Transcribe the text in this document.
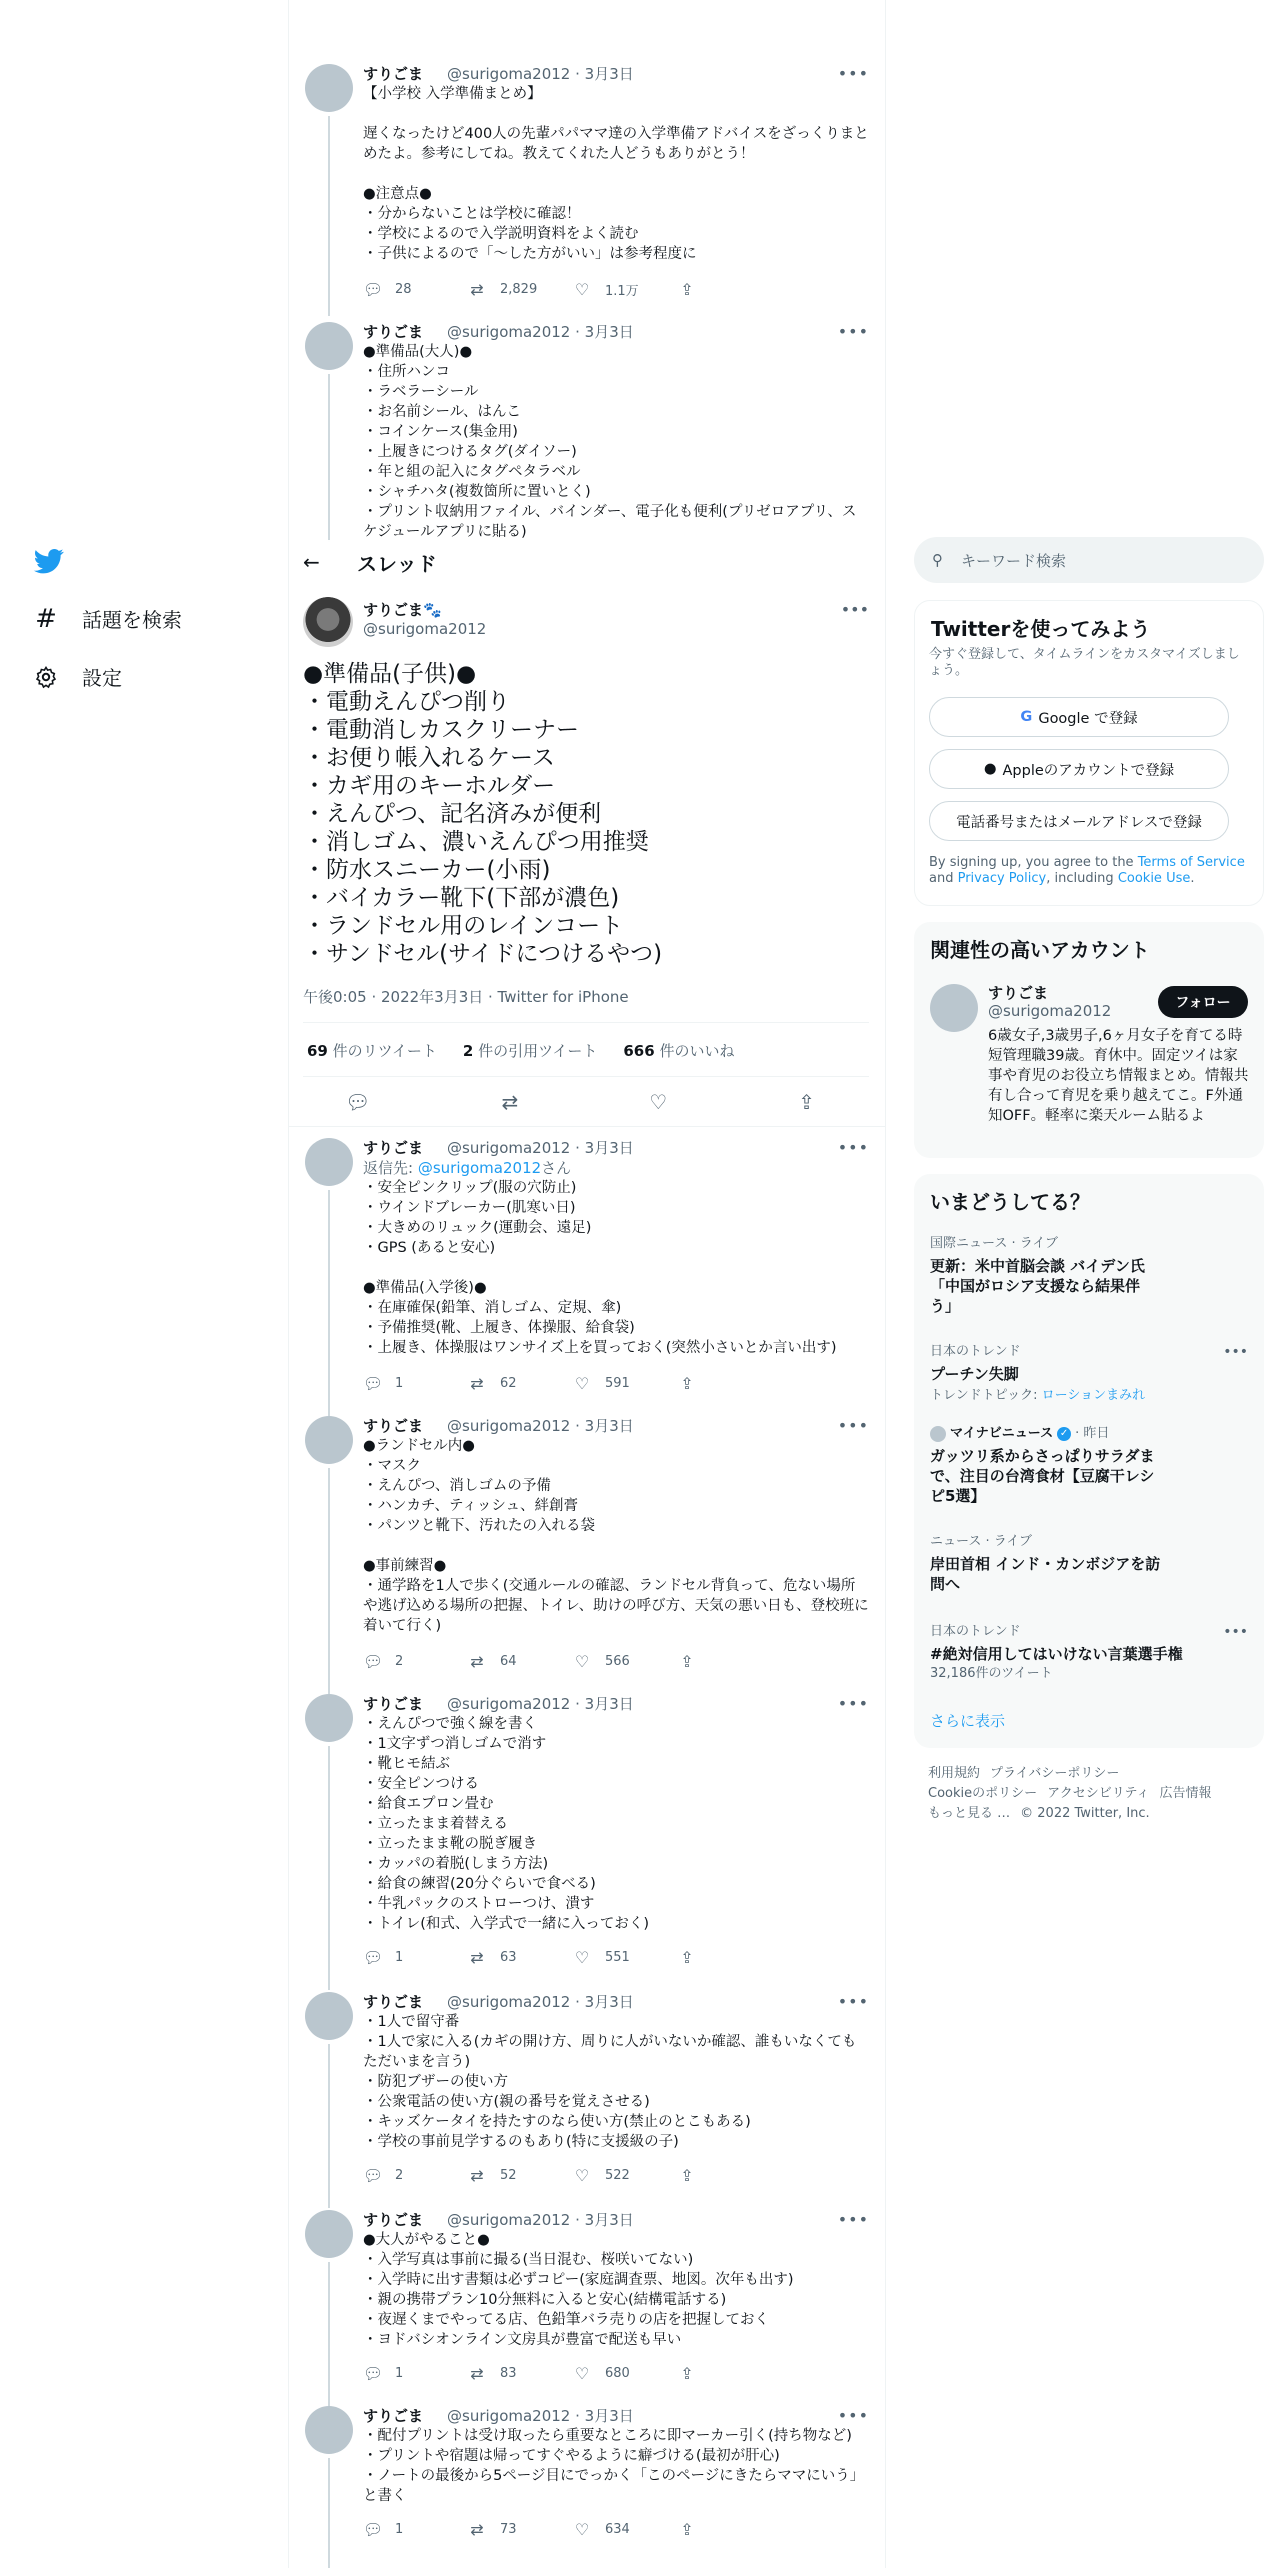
# 話題を検索
設定
すりごま @surigoma2012 · 3月3日	•••
【小学校 入学準備まとめ】

遅くなったけど400人の先輩パパママ達の入学準備アドバイスをざっくりまとめたよ。参考にしてね。教えてくれた人どうもありがとう！

●注意点●
・分からないことは学校に確認！
・学校によるので入学説明資料をよく読む
・子供によるので「～した方がいい」は参考程度に
💬︎ 28	⇄ 2,829 ♡ 1.1万	⇪
すりごま @surigoma2012 · 3月3日	•••
●準備品(大人)●
・住所ハンコ
・ラベラーシール
・お名前シール、はんこ
・コインケース(集金用)
・上履きにつけるタグ(ダイソー)
・年と組の記入にタグペタラベル
・シャチハタ(複数箇所に置いとく)
・プリント収納用ファイル、バインダー、電子化も便利(プリゼロアプリ、スケジュールアプリに貼る)
← スレッド
すりごま🐾
@surigoma2012
•••
●準備品(子供)●
・電動えんぴつ削り
・電動消しカスクリーナー
・お便り帳入れるケース
・カギ用のキーホルダー
・えんぴつ、記名済みが便利
・消しゴム、濃いえんぴつ用推奨
・防水スニーカー(小雨)
・バイカラー靴下(下部が濃色)
・ランドセル用のレインコート
・サンドセル(サイドにつけるやつ)
午後0:05 · 2022年3月3日 · Twitter for iPhone
69 件のリツイート 2 件の引用ツイート 666 件のいいね
💬︎	⇄	♡	⇪
すりごま @surigoma2012 · 3月3日	•••
返信先: @surigoma2012さん
・安全ピンクリップ(服の穴防止)
・ウインドブレーカー(肌寒い日)
・大きめのリュック(運動会、遠足)
・GPS (あると安心)

●準備品(入学後)●
・在庫確保(鉛筆、消しゴム、定規、傘)
・予備推奨(靴、上履き、体操服、給食袋)
・上履き、体操服はワンサイズ上を買っておく(突然小さいとか言い出す)
💬︎ 1	⇄ 62	♡ 591	⇪
すりごま @surigoma2012 · 3月3日	•••
●ランドセル内●
・マスク
・えんぴつ、消しゴムの予備
・ハンカチ、ティッシュ、絆創膏
・パンツと靴下、汚れたの入れる袋

●事前練習●
・通学路を1人で歩く(交通ルールの確認、ランドセル背負って、危ない場所や逃げ込める場所の把握、トイレ、助けの呼び方、天気の悪い日も、登校班に着いて行く)
💬︎ 2	⇄ 64	♡ 566	⇪
すりごま @surigoma2012 · 3月3日	•••
・えんぴつで強く線を書く
・1文字ずつ消しゴムで消す
・靴ヒモ結ぶ
・安全ピンつける
・給食エプロン畳む
・立ったまま着替える
・立ったまま靴の脱ぎ履き
・カッパの着脱(しまう方法)
・給食の練習(20分ぐらいで食べる)
・牛乳パックのストローつけ、潰す
・トイレ(和式、入学式で一緒に入っておく)
💬︎ 1	⇄ 63	♡ 551	⇪
すりごま @surigoma2012 · 3月3日	•••
・1人で留守番
・1人で家に入る(カギの開け方、周りに人がいないか確認、誰もいなくてもただいまを言う)
・防犯ブザーの使い方
・公衆電話の使い方(親の番号を覚えさせる)
・キッズケータイを持たすのなら使い方(禁止のとこもある)
・学校の事前見学するのもあり(特に支援級の子)
💬︎ 2	⇄ 52	♡ 522	⇪
すりごま @surigoma2012 · 3月3日	•••
●大人がやること●
・入学写真は事前に撮る(当日混む、桜咲いてない)
・入学時に出す書類は必ずコピー(家庭調査票、地図。次年も出す)
・親の携帯プラン10分無料に入ると安心(結構電話する)
・夜遅くまでやってる店、色鉛筆バラ売りの店を把握しておく
・ヨドバシオンライン文房具が豊富で配送も早い
💬︎ 1	⇄ 83	♡ 680	⇪
すりごま @surigoma2012 · 3月3日	•••
・配付プリントは受け取ったら重要なところに即マーカー引く(持ち物など)
・プリントや宿題は帰ってすぐやるように癖づける(最初が肝心)
・ノートの最後から5ページ目にでっかく「このページにきたらママにいう」と書く
💬︎ 1	⇄ 73	♡ 634	⇪
⚲ キーワード検索
Twitterを使ってみよう
今すぐ登録して、タイムラインをカスタマイズしましょう。
G Google で登録
● Appleのアカウントで登録
電話番号またはメールアドレスで登録
By signing up, you agree to the Terms of Service and Privacy Policy, including Cookie Use.
関連性の高いアカウント
すりごま
@surigoma2012	フォロー
6歳女子,3歳男子,6ヶ月女子を育てる時短管理職39歳。育休中。固定ツイは家事や育児のお役立ち情報まとめ。情報共有し合って育児を乗り越えてこ。F外通知OFF。軽率に楽天ルーム貼るよ
いまどうしてる？
国際ニュース · ライブ
更新：米中首脳会談 バイデン氏
「中国がロシア支援なら結果伴
う」
日本のトレンド	•••
プーチン失脚
トレンドトピック: ローションまみれ
マイナビニュース ✓ · 昨日
ガッツリ系からさっぱりサラダま
で、注目の台湾食材【豆腐干レシ
ピ5選】
ニュース · ライブ
岸田首相 インド・カンボジアを訪
問へ
日本のトレンド	•••
#絶対信用してはいけない言葉選手権
32,186件のツイート
さらに表示
利用規約 プライバシーポリシー
Cookieのポリシー アクセシビリティ 広告情報
もっと見る … © 2022 Twitter, Inc.
